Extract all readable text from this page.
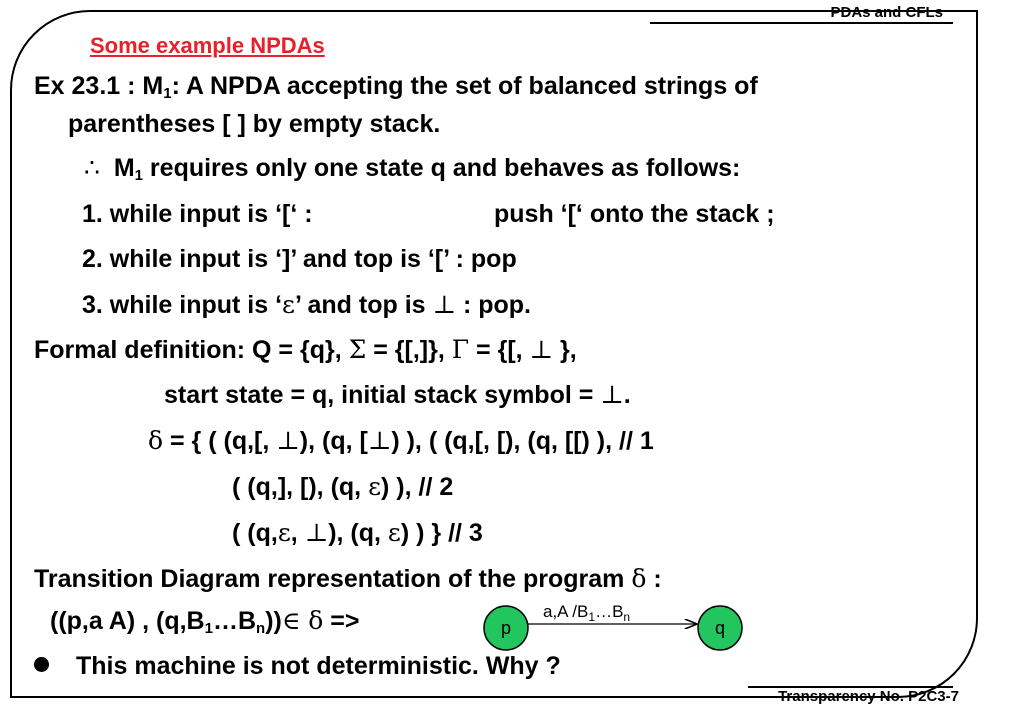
PDAs and CFLs
Transparency No. P2C3-7
Some example NPDAs
Ex 23.1 : $M_1$: A NPDA accepting the set of balanced strings of
parentheses [ ] by empty stack.
∴ $M_1$ requires only one state q and behaves as follows:
1. while input is ‘[‘ :	push ‘[‘ onto the stack ;
2. while input is ‘]’ and top is ‘[’ : pop
3. while input is ‘ε’ and top is ⊥ : pop.
Formal definition: Q = {q}, Σ = {[,]}, Γ = {[, ⊥ },
start state = q, initial stack symbol = ⊥.
δ = { ( (q,[, ⊥), (q, [⊥) ), ( (q,[, [), (q, [[) ), // 1
( (q,], [), (q, ε) ), // 2
( (q,ε, ⊥), (q, ε) ) } // 3
Transition Diagram representation of the program δ :
((p,a A) , $(q,B_1\dots B_n))\in$ δ =>	a,A $/B_1\dots B_n$
p	q
This machine is not deterministic. Why ?
